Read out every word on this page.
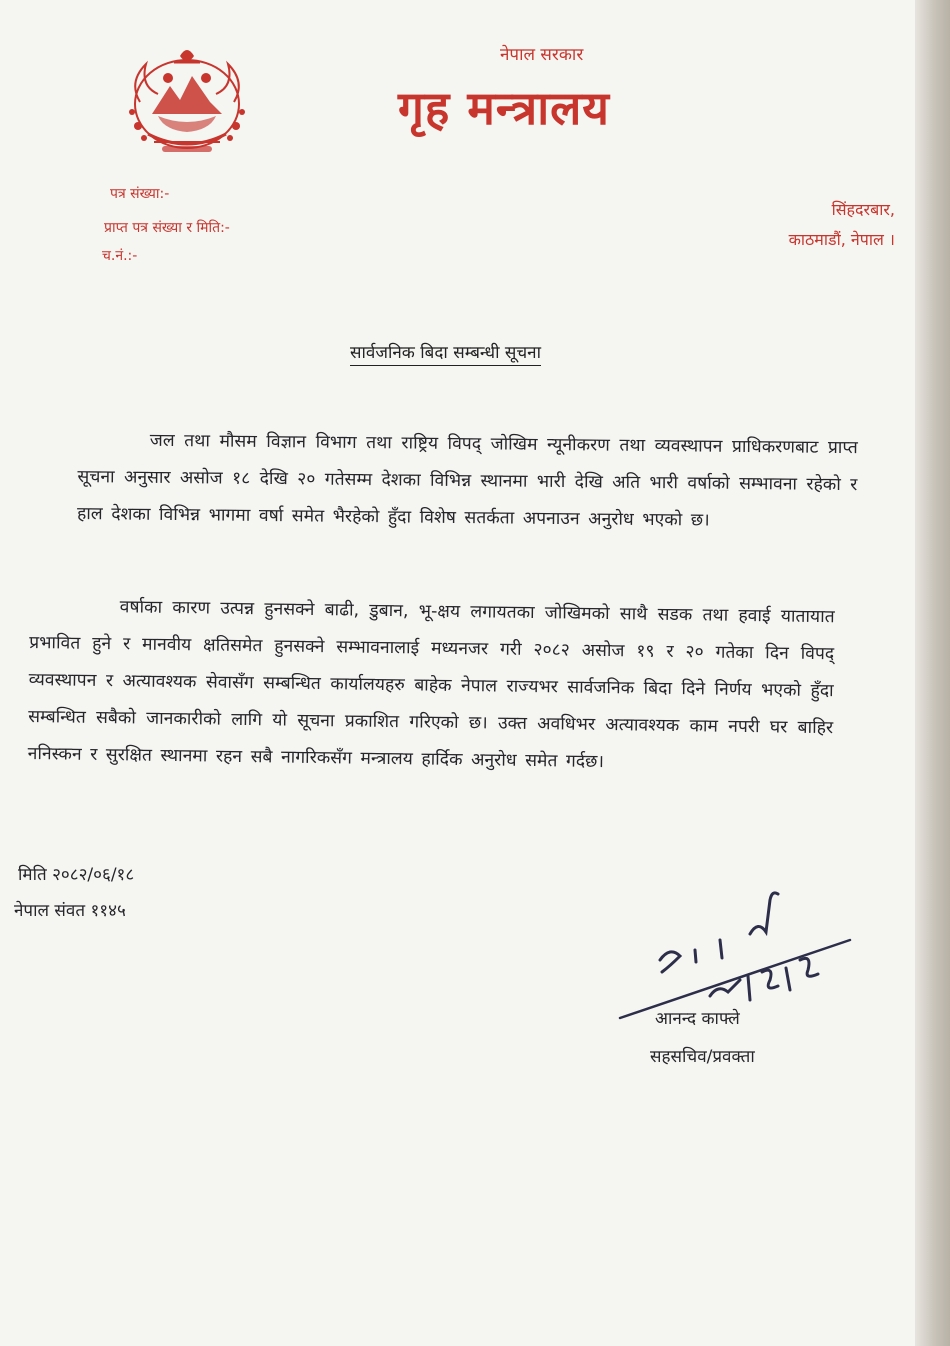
नेपाल सरकार
गृह मन्त्रालय
पत्र संख्या:-
प्राप्त पत्र संख्या र मिति:-
च.नं.:-
सिंहदरबार,
काठमाडौं, नेपाल ।
सार्वजनिक बिदा सम्बन्धी सूचना
जल तथा मौसम विज्ञान विभाग तथा राष्ट्रिय विपद् जोखिम न्यूनीकरण तथा व्यवस्थापन प्राधिकरणबाट प्राप्त सूचना अनुसार असोज १८ देखि २० गतेसम्म देशका विभिन्न स्थानमा भारी देखि अति भारी वर्षाको सम्भावना रहेको र हाल देशका विभिन्न भागमा वर्षा समेत भैरहेको हुँदा विशेष सतर्कता अपनाउन अनुरोध भएको छ।
वर्षाका कारण उत्पन्न हुनसक्ने बाढी, डुबान, भू-क्षय लगायतका जोखिमको साथै सडक तथा हवाई यातायात प्रभावित हुने र मानवीय क्षतिसमेत हुनसक्ने सम्भावनालाई मध्यनजर गरी २०८२ असोज १९ र २० गतेका दिन विपद् व्यवस्थापन र अत्यावश्यक सेवासँग सम्बन्धित कार्यालयहरु बाहेक नेपाल राज्यभर सार्वजनिक बिदा दिने निर्णय भएको हुँदा सम्बन्धित सबैको जानकारीको लागि यो सूचना प्रकाशित गरिएको छ। उक्त अवधिभर अत्यावश्यक काम नपरी घर बाहिर ननिस्कन र सुरक्षित स्थानमा रहन सबै नागरिकसँग मन्त्रालय हार्दिक अनुरोध समेत गर्दछ।
मिति २०८२/०६/१८
नेपाल संवत ११४५
आनन्द काफ्ले
सहसचिव/प्रवक्ता
